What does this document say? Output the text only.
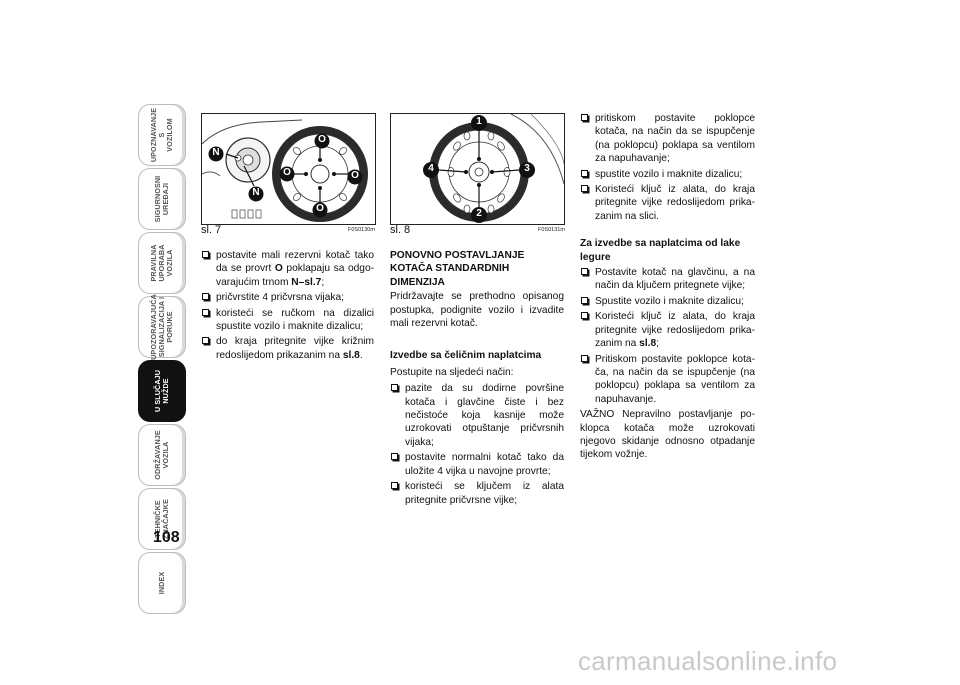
UPOZNAVANJE
S
VOZILOM
SIGURNOSNI
UREĐAJI
PRAVILNA
UPORABA
VOZILA
UPOZORAVAJUĆA
SIGNALIZACIJA I
PORUKE
U SLUČAJU
NUŽDE
ODRŽAVANJE
VOZILA
TEHNIČKE
ZNAČAJKE
INDEX
108
N
N
O
O	O
O
sl. 7	F0S0130m
1
2
3
4
sl. 8	F0S0131m
postavite mali rezervni kotač tako da se provrt O poklapaju sa odgo-varajućim trnom N–sl.7;
pričvrstite 4 pričvrsna vijaka;
koristeći se ručkom na dizalici spustite vozilo i maknite dizalicu;
do kraja pritegnite vijke križnim redoslijedom prikazanim na sl.8.
PONOVNO POSTAVLJANJE KOTAČA STANDARDNIH DIMENZIJA

Pridržavajte se prethodno opisanog postupka, podignite vozilo i izvadite mali rezervni kotač.

Izvedbe sa čeličnim naplatcima

Postupite na sljedeći način:

pazite da su dodirne površine kotača i glavčine čiste i bez nečistoće koja kasnije može uzrokovati otpuštanje pričvrsnih vijaka;
postavite normalni kotač tako da uložite 4 vijka u navojne provrte;
koristeći se ključem iz alata pritegnite pričvrsne vijke;
pritiskom postavite poklopce kotača, na način da se ispupčenje (na poklopcu) poklapa sa ventilom za napuhavanje;
spustite vozilo i maknite dizalicu;
Koristeći ključ iz alata, do kraja pritegnite vijke redoslijedom prika-zanim na slici.
Za izvedbe sa naplatcima od lake legure
Postavite kotač na glavčinu, a na način da ključem pritegnete vijke;
Spustite vozilo i maknite dizalicu;
Koristeći ključ iz alata, do kraja pritegnite vijke redoslijedom prika-zanim na sl.8;
Pritiskom postavite poklopce kota-ča, na način da se ispupčenje (na poklopcu) poklapa sa ventilom za napuhavanje.

VAŽNO Nepravilno postavljanje po-klopca kotača može uzrokovati njegovo skidanje odnosno otpadanje tijekom vožnje.

carmanualsonline.info
